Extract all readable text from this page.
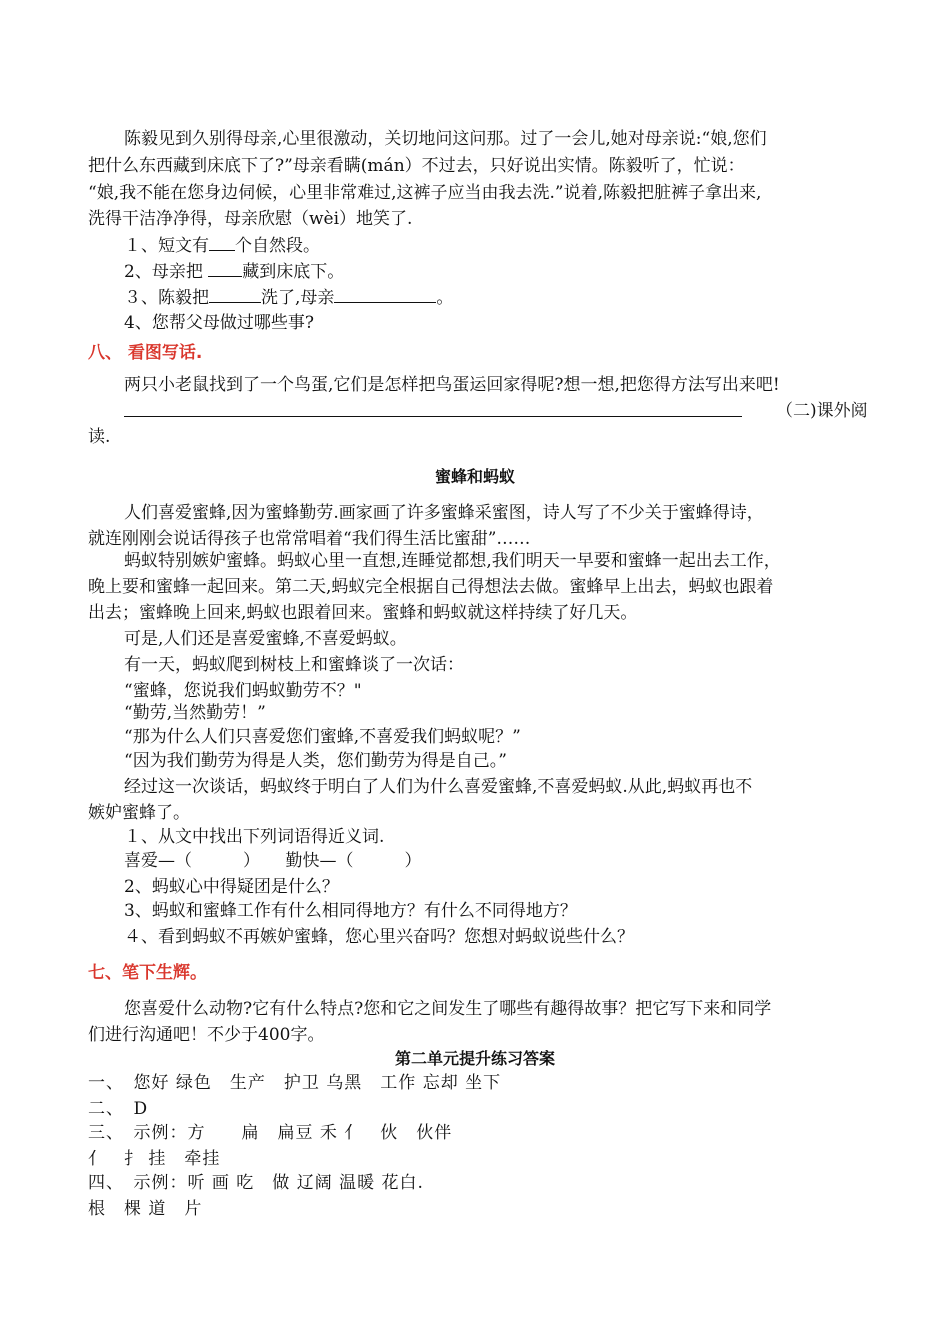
陈毅见到久别得母亲,心里很激动，关切地问这问那。过了一会儿,她对母亲说:“娘,您们
把什么东西藏到床底下了?”母亲看瞒(mán）不过去，只好说出实情。陈毅听了，忙说：
“娘,我不能在您身边伺候，心里非常难过,这裤子应当由我去洗.”说着,陈毅把脏裤子拿出来,
洗得干洁净净得，母亲欣慰（wèi）地笑了.
１、短文有 个自然段。
2、母亲把 藏到床底下。
３、陈毅把	洗了,母亲	。
4、您帮父母做过哪些事?
八、 看图写话.
两只小老鼠找到了一个鸟蛋,它们是怎样把鸟蛋运回家得呢?想一想,把您得方法写出来吧!
（二)课外阅
读.
蜜蜂和蚂蚁
人们喜爱蜜蜂,因为蜜蜂勤劳.画家画了许多蜜蜂采蜜图，诗人写了不少关于蜜蜂得诗，
就连刚刚会说话得孩子也常常唱着“我们得生活比蜜甜”……
蚂蚁特别嫉妒蜜蜂。蚂蚁心里一直想,连睡觉都想,我们明天一早要和蜜蜂一起出去工作，
晚上要和蜜蜂一起回来。第二天,蚂蚁完全根据自己得想法去做。蜜蜂早上出去，蚂蚁也跟着
出去；蜜蜂晚上回来,蚂蚁也跟着回来。蜜蜂和蚂蚁就这样持续了好几天。
可是,人们还是喜爱蜜蜂,不喜爱蚂蚁。
有一天，蚂蚁爬到树枝上和蜜蜂谈了一次话：
“蜜蜂，您说我们蚂蚁勤劳不？"
“勤劳,当然勤劳！”
“那为什么人们只喜爱您们蜜蜂,不喜爱我们蚂蚁呢？”
“因为我们勤劳为得是人类，您们勤劳为得是自己。”
经过这一次谈话，蚂蚁终于明白了人们为什么喜爱蜜蜂,不喜爱蚂蚁.从此,蚂蚁再也不
嫉妒蜜蜂了。
１、从文中找出下列词语得近义词.
喜爱—（　　　）　　勤快—（　　　）
2、蚂蚁心中得疑团是什么？
3、蚂蚁和蜜蜂工作有什么相同得地方？有什么不同得地方？
４、看到蚂蚁不再嫉妒蜜蜂，您心里兴奋吗？您想对蚂蚁说些什么？
七、笔下生辉。
您喜爱什么动物?它有什么特点?您和它之间发生了哪些有趣得故事？把它写下来和同学
们进行沟通吧！不少于400字。
第二单元提升练习答案
一、　您好 绿色　生产　护卫 乌黑　工作 忘却 坐下
二、　D
三、　示例：方　　扁　扁豆 禾 亻　伙　伙伴
亻　扌 挂　牵挂
四、　示例：听 画 吃　做 辽阔 温暖 花白.
根　棵 道　片
